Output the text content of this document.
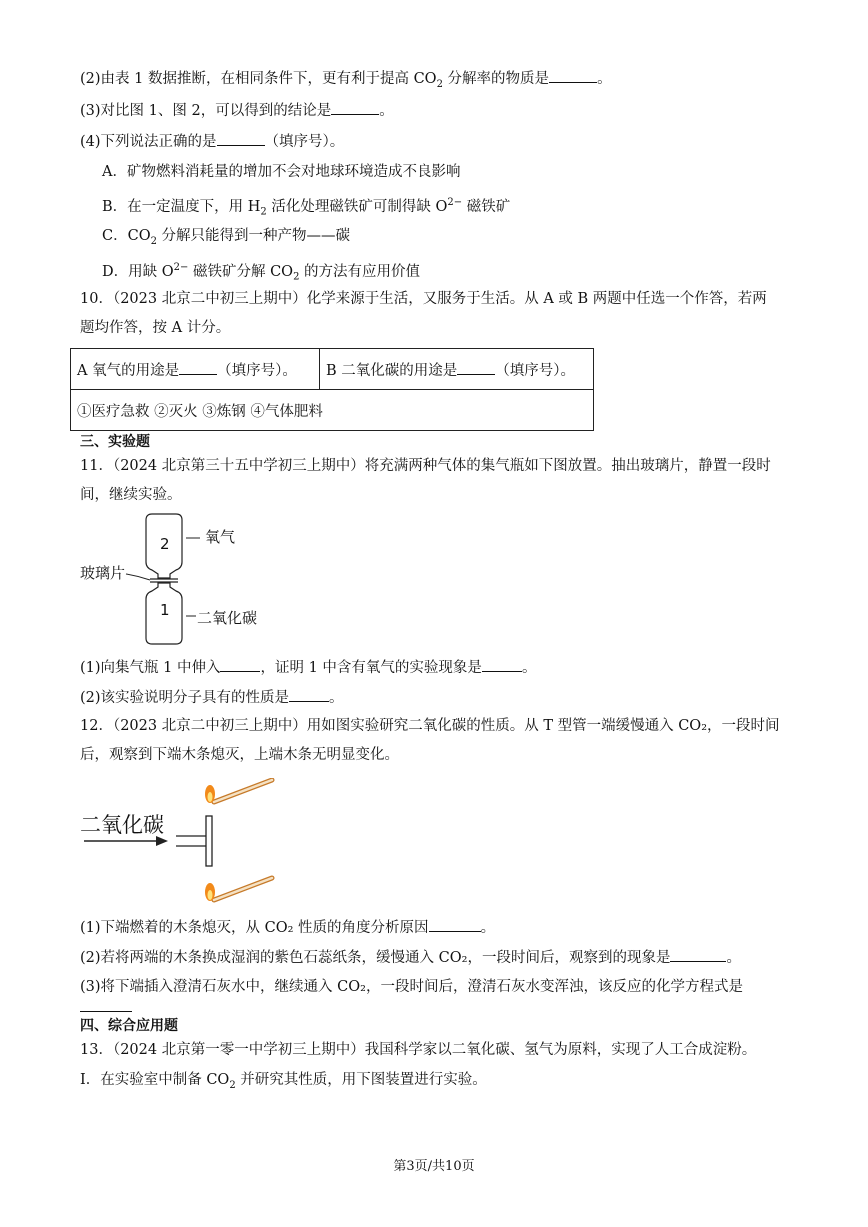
(2)由表 1 数据推断，在相同条件下，更有利于提高 $CO_2$ 分解率的物质是	。
(3)对比图 1、图 2，可以得到的结论是	。
(4)下列说法正确的是	（填序号）。
A．矿物燃料消耗量的增加不会对地球环境造成不良影响
B．在一定温度下，用 $H_2$ 活化处理磁铁矿可制得缺 $O^{2-}$ 磁铁矿
C．$CO_2$ 分解只能得到一种产物——碳
D．用缺 $O^{2-}$ 磁铁矿分解 $CO_2$ 的方法有应用价值
10．（2023 北京二中初三上期中）化学来源于生活，又服务于生活。从 A 或 B 两题中任选一个作答，若两
题均作答，按 A 计分。
A 氧气的用途是	（填序号）。	B 二氧化碳的用途是	（填序号）。
①医疗急救 ②灭火 ③炼钢 ④气体肥料
三、实验题
11．（2024 北京第三十五中学初三上期中）将充满两种气体的集气瓶如下图放置。抽出玻璃片，静置一段时
间，继续实验。
2
1
氧气
二氧化碳
玻璃片
(1)向集气瓶 1 中伸入	，证明 1 中含有氧气的实验现象是	。
(2)该实验说明分子具有的性质是	。
12．（2023 北京二中初三上期中）用如图实验研究二氧化碳的性质。从 T 型管一端缓慢通入 CO₂，一段时间
后，观察到下端木条熄灭，上端木条无明显变化。
二氧化碳
(1)下端燃着的木条熄灭，从 CO₂ 性质的角度分析原因	。
(2)若将两端的木条换成湿润的紫色石蕊纸条，缓慢通入 CO₂，一段时间后，观察到的现象是	。
(3)将下端插入澄清石灰水中，继续通入 CO₂，一段时间后，澄清石灰水变浑浊，该反应的化学方程式是
四、综合应用题
13．（2024 北京第一零一中学初三上期中）我国科学家以二氧化碳、氢气为原料，实现了人工合成淀粉。
Ⅰ．在实验室中制备 $CO_2$ 并研究其性质，用下图装置进行实验。
第3页/共10页
